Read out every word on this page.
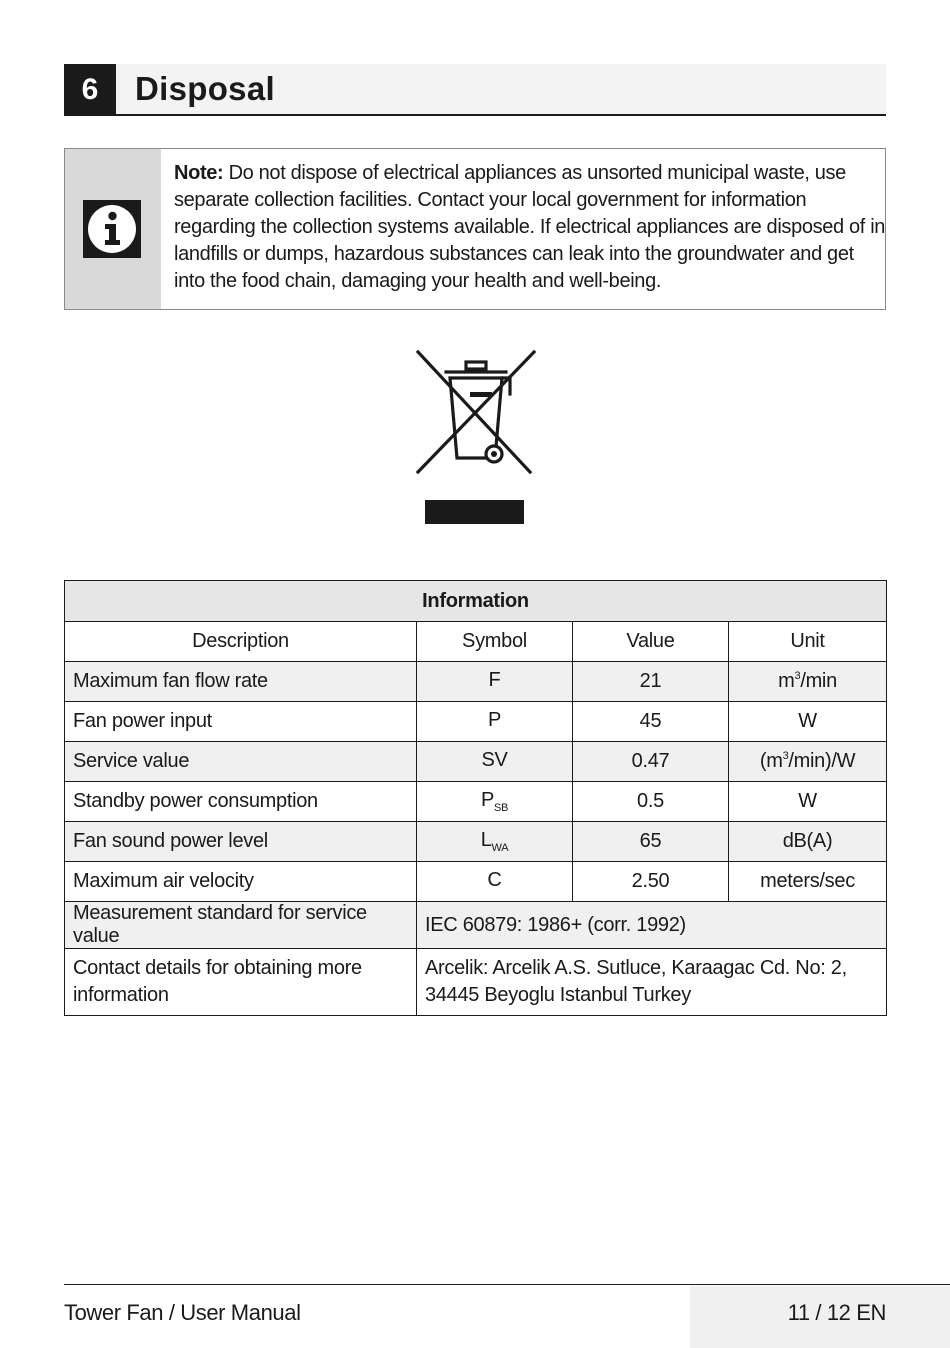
6	Disposal
Note: Do not dispose of electrical appliances as unsorted municipal waste, use separate collection facilities. Contact your local government for information regarding the collection systems available. If electrical appliances are disposed of in landfills or dumps, hazardous substances can leak into the groundwater and get into the food chain, damaging your health and well-being.
Information			
Description	Symbol	Value	Unit
Maximum fan flow rate	F	21	$m^3/\min$
Fan power input	P	45	W
Service value	SV	0.47	$(m^3/\min)/W$
Standby power consumption	$P_{SB}$	0.5	W
Fan sound power level	$L_{WA}$	65	dB(A)
Maximum air velocity	C	2.50	meters/sec
Measurement standard for service value	IEC 60879: 1986+ (corr. 1992)		
Contact details for obtaining more information	Arcelik: Arcelik A.S. Sutluce, Karaagac Cd. No: 2, 34445 Beyoglu Istanbul Turkey		
Tower Fan / User Manual	11 / 12 EN
